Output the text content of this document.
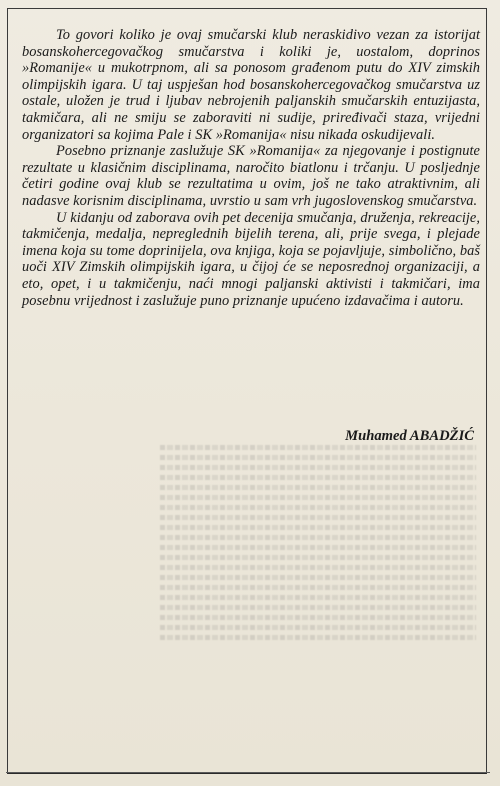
To govori koliko je ovaj smučarski klub neraskidivo vezan za istorijat bosanskohercegovačkog smučarstva i koliki je, uostalom, doprinos »Romanije« u mukotrpnom, ali sa ponosom građenom putu do XIV zimskih olimpijskih igara. U taj uspješan hod bosanskohercegovačkog smučarstva uz ostale, uložen je trud i ljubav nebrojenih paljanskih smučarskih entuzijasta, takmičara, ali ne smiju se zaboraviti ni sudije, priređivači staza, vrijedni organizatori sa kojima Pale i SK »Romanija« nisu nikada oskudijevali.

Posebno priznanje zaslužuje SK »Romanija« za njegovanje i postignute rezultate u klasičnim disciplinama, naročito biatlonu i trčanju. U posljednje četiri godine ovaj klub se rezultatima u ovim, još ne tako atraktivnim, ali nadasve korisnim disciplinama, uvrstio u sam vrh jugoslovenskog smučarstva.

U kidanju od zaborava ovih pet decenija smučanja, druženja, rekreacije, takmičenja, medalja, nepreglednih bijelih terena, ali, prije svega, i plejade imena koja su tome doprinijela, ova knjiga, koja se pojavljuje, simbolično, baš uoči XIV Zimskih olimpijskih igara, u čijoj će se neposrednoj organizaciji, a eto, opet, i u takmičenju, naći mnogi paljanski aktivisti i takmičari, ima posebnu vrijednost i zaslužuje puno priznanje upućeno izdavačima i autoru.

Muhamed ABADŽIĆ
